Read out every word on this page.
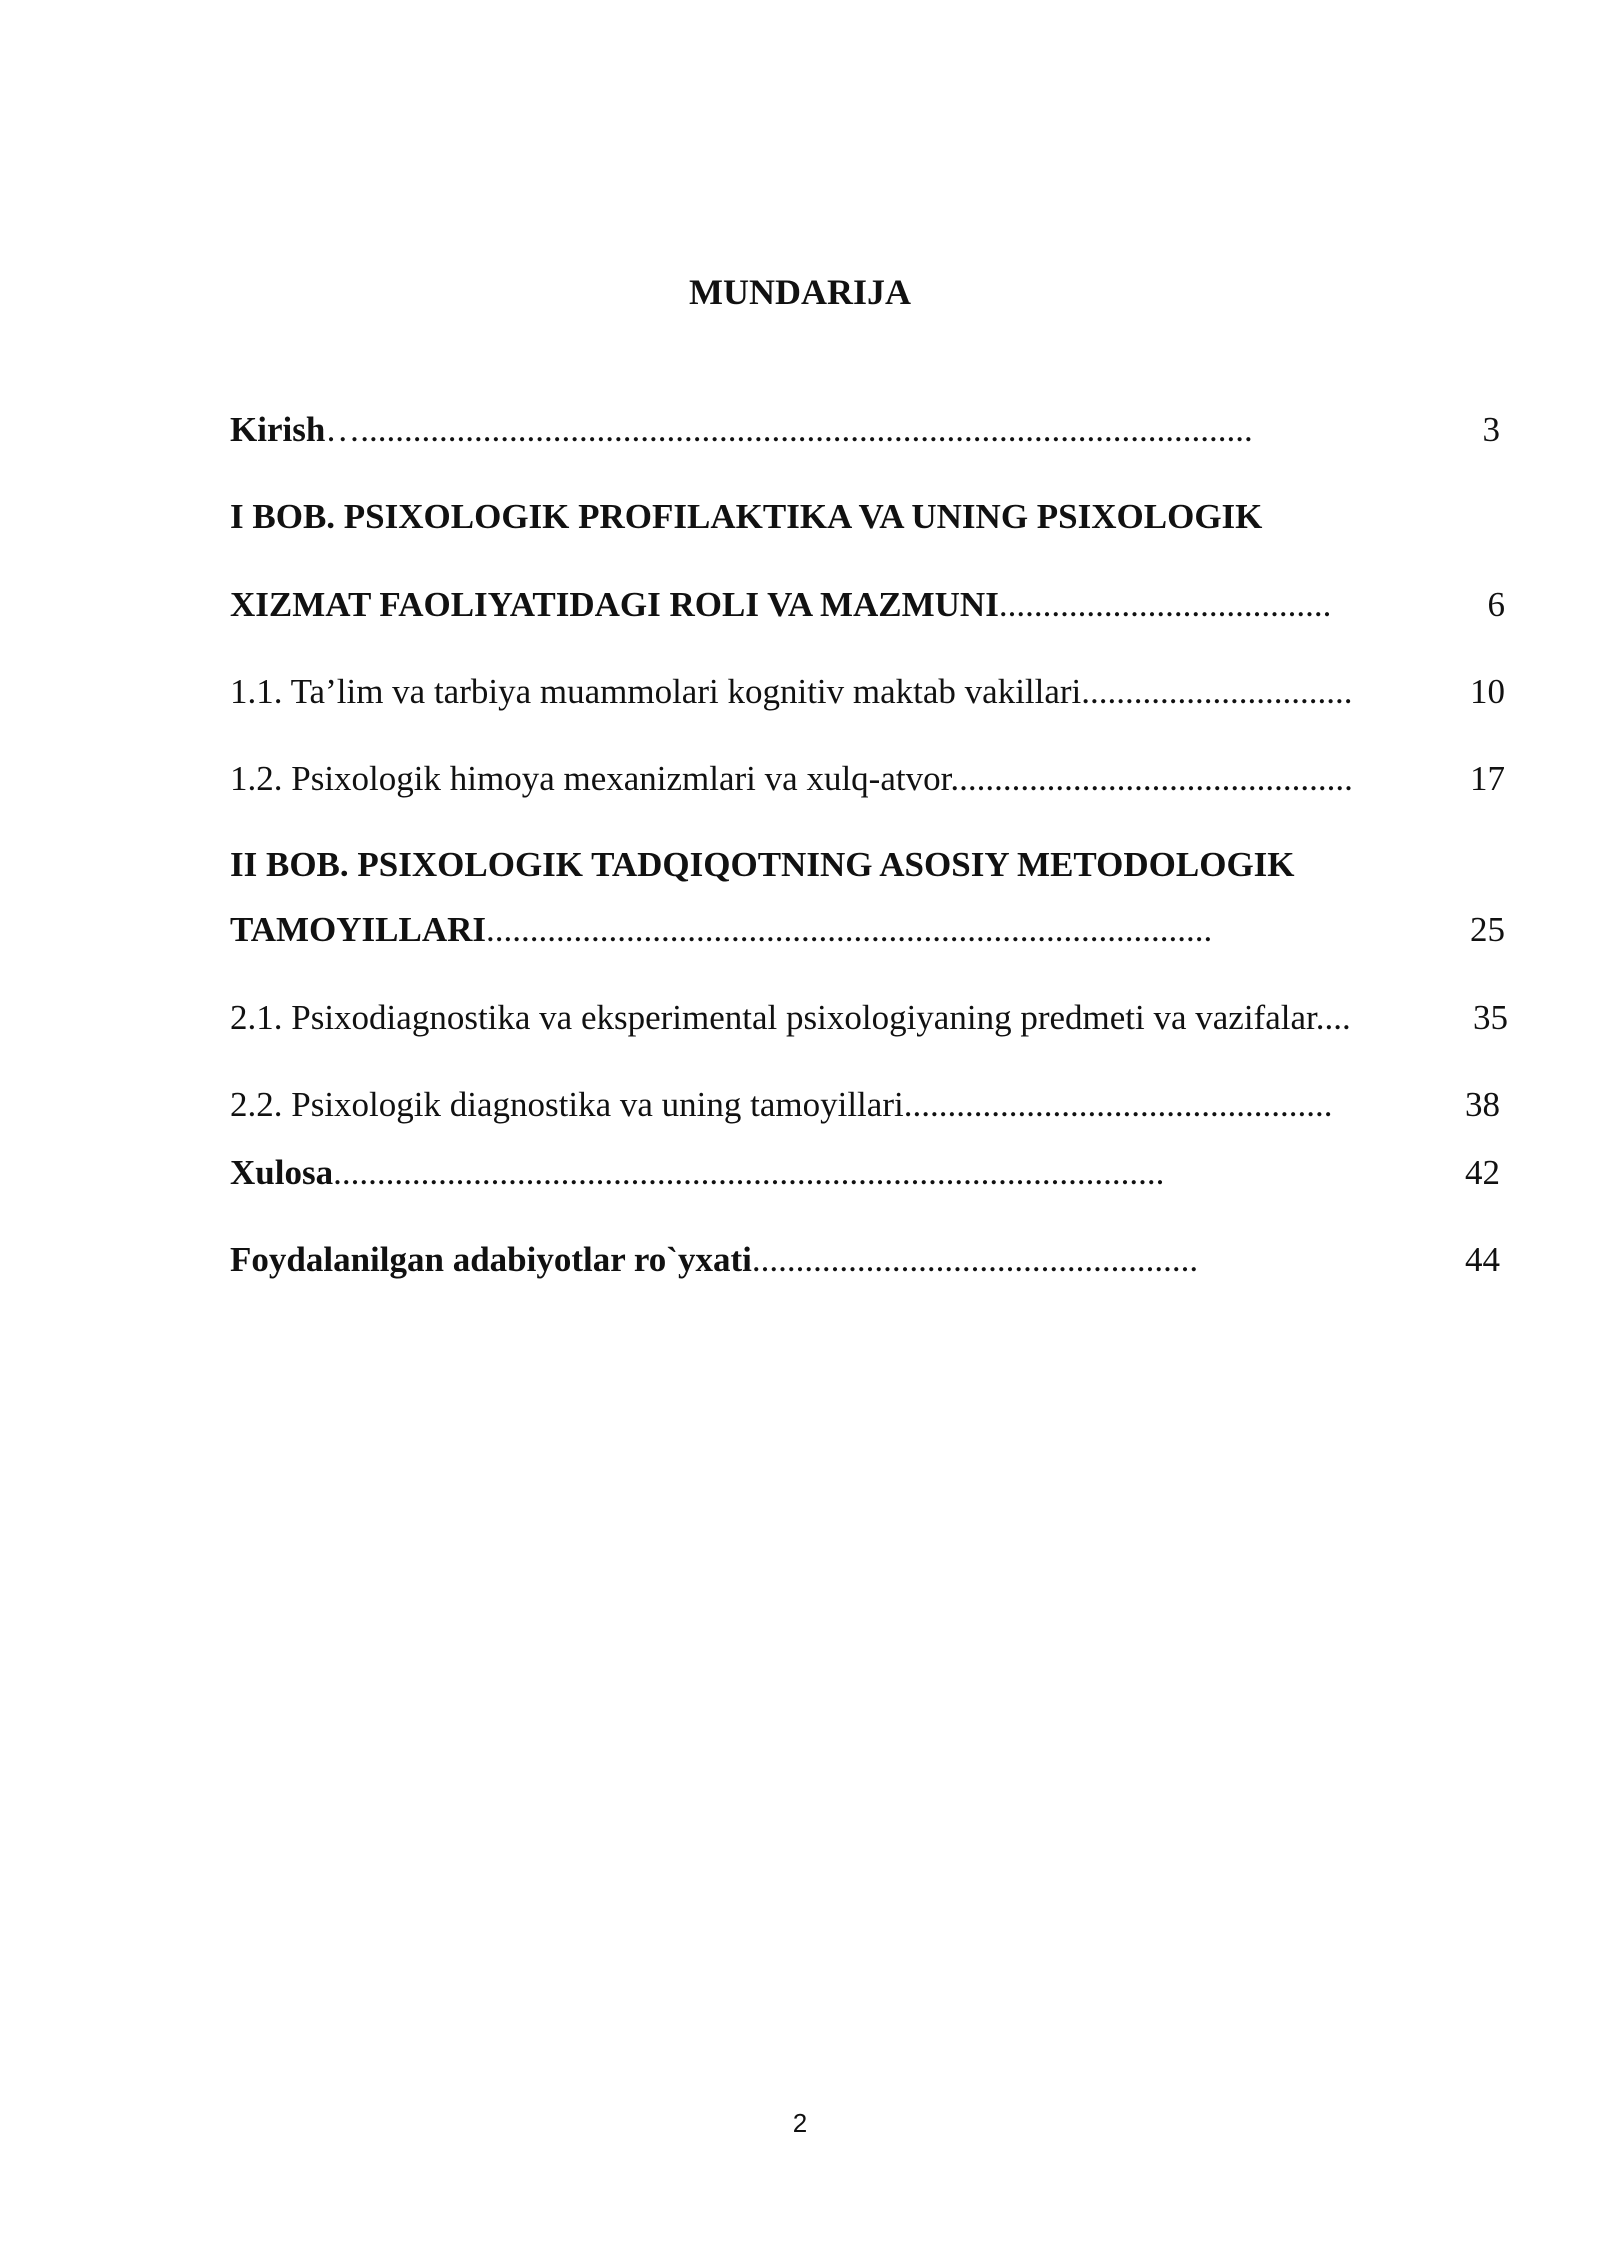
MUNDARIJA
Kirish…......................................................................................................	3
I BOB. PSIXOLOGIK PROFILAKTIKA VA UNING PSIXOLOGIK
XIZMAT FAOLIYATIDAGI ROLI VA MAZMUNI......................................	6
1.1. Ta’lim va tarbiya muammolari kognitiv maktab vakillari...............................	10
1.2. Psixologik himoya mexanizmlari va xulq-atvor..............................................	17
II BOB. PSIXOLOGIK TADQIQOTNING ASOSIY METODOLOGIK
TAMOYILLARI...................................................................................	25
2.1. Psixodiagnostika va eksperimental psixologiyaning predmeti va vazifalar....	35
2.2. Psixologik diagnostika va uning tamoyillari.................................................	38
Xulosa...............................................................................................	42
Foydalanilgan adabiyotlar ro`yxati...................................................	44
2
